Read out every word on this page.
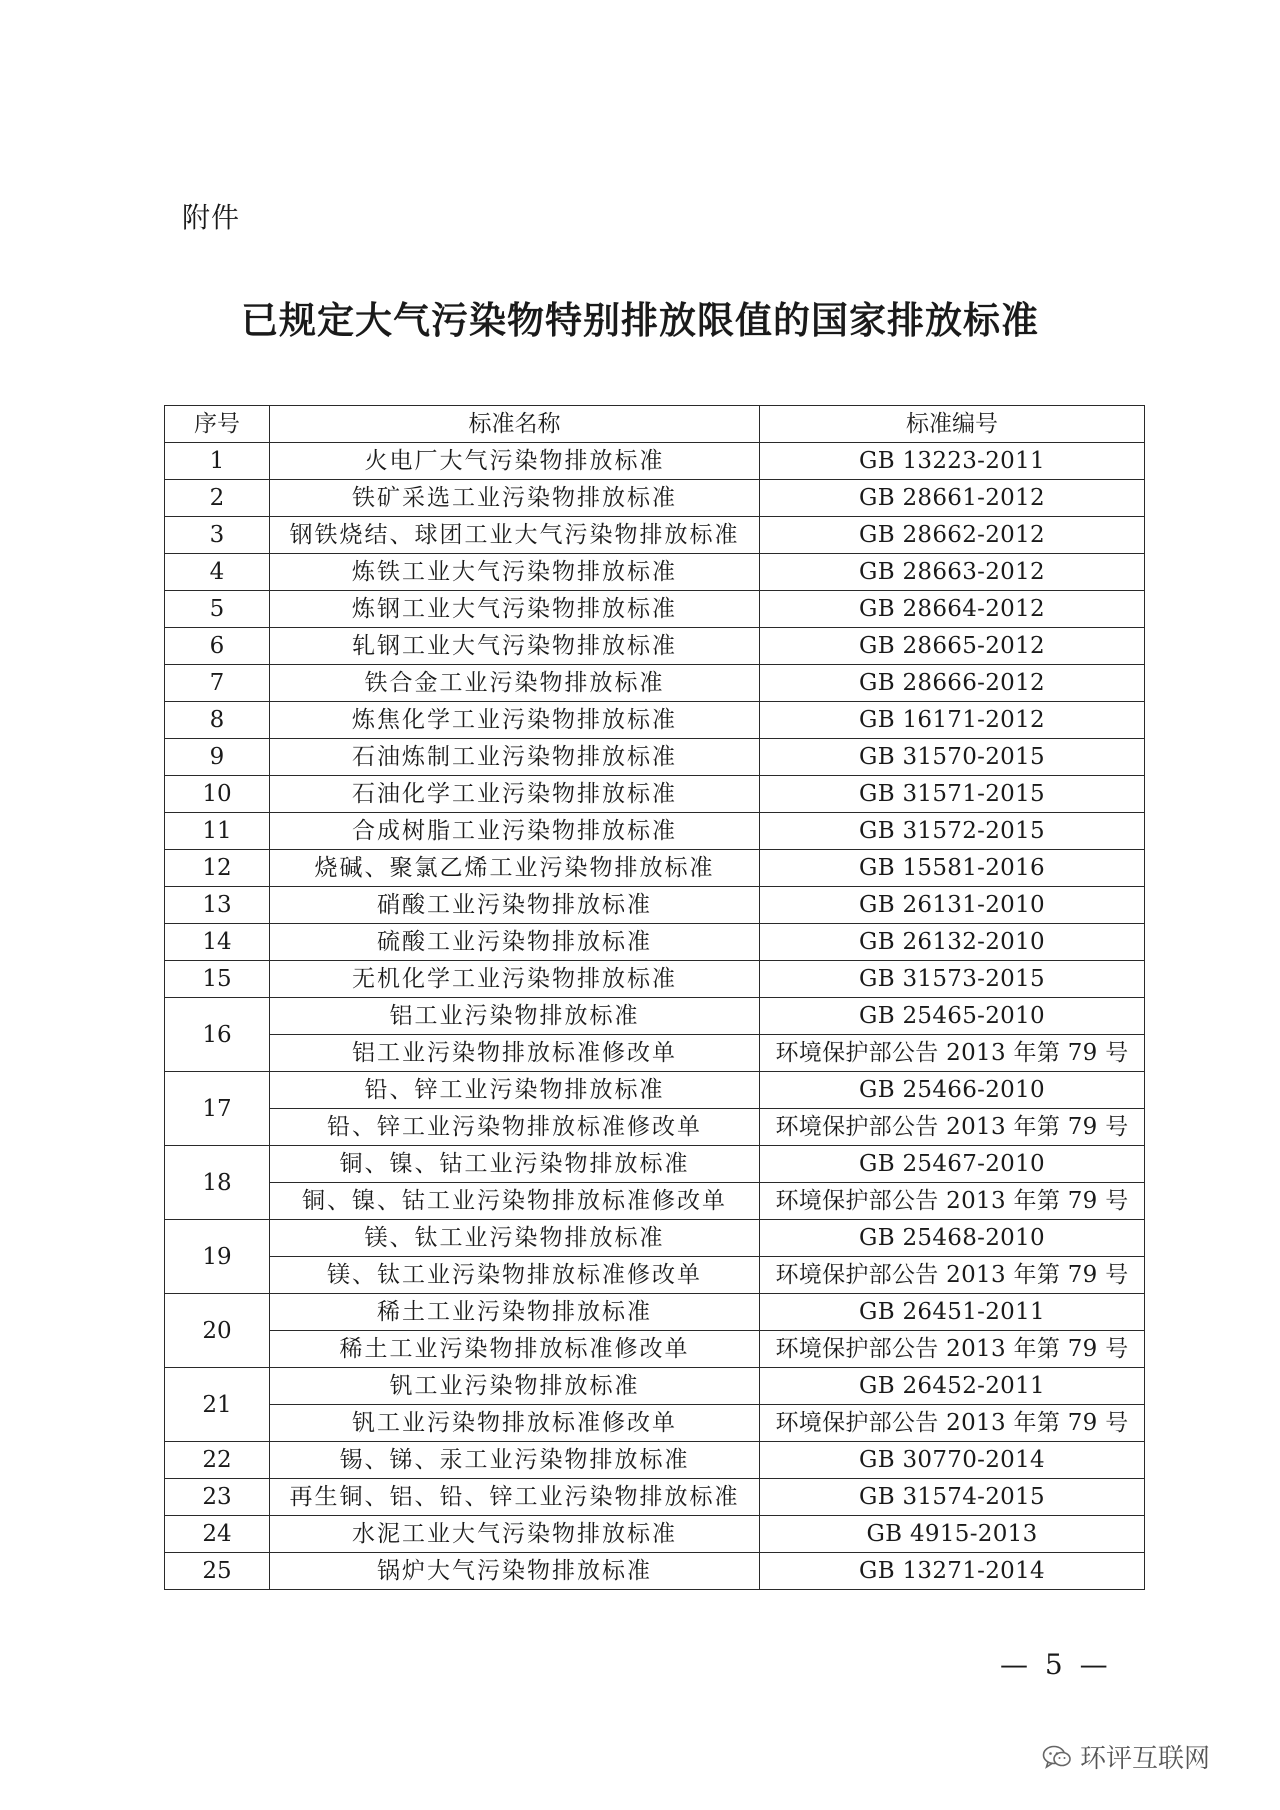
附件
已规定大气污染物特别排放限值的国家排放标准
序号	标准名称	标准编号
1	火电厂大气污染物排放标准	GB 13223-2011
2	铁矿采选工业污染物排放标准	GB 28661-2012
3	钢铁烧结、球团工业大气污染物排放标准	GB 28662-2012
4	炼铁工业大气污染物排放标准	GB 28663-2012
5	炼钢工业大气污染物排放标准	GB 28664-2012
6	轧钢工业大气污染物排放标准	GB 28665-2012
7	铁合金工业污染物排放标准	GB 28666-2012
8	炼焦化学工业污染物排放标准	GB 16171-2012
9	石油炼制工业污染物排放标准	GB 31570-2015
10	石油化学工业污染物排放标准	GB 31571-2015
11	合成树脂工业污染物排放标准	GB 31572-2015
12	烧碱、聚氯乙烯工业污染物排放标准	GB 15581-2016
13	硝酸工业污染物排放标准	GB 26131-2010
14	硫酸工业污染物排放标准	GB 26132-2010
15	无机化学工业污染物排放标准	GB 31573-2015
16	铝工业污染物排放标准	GB 25465-2010
	铝工业污染物排放标准修改单	环境保护部公告 2013 年第 79 号
17	铅、锌工业污染物排放标准	GB 25466-2010
	铅、锌工业污染物排放标准修改单	环境保护部公告 2013 年第 79 号
18	铜、镍、钴工业污染物排放标准	GB 25467-2010
	铜、镍、钴工业污染物排放标准修改单	环境保护部公告 2013 年第 79 号
19	镁、钛工业污染物排放标准	GB 25468-2010
	镁、钛工业污染物排放标准修改单	环境保护部公告 2013 年第 79 号
20	稀土工业污染物排放标准	GB 26451-2011
	稀土工业污染物排放标准修改单	环境保护部公告 2013 年第 79 号
21	钒工业污染物排放标准	GB 26452-2011
	钒工业污染物排放标准修改单	环境保护部公告 2013 年第 79 号
22	锡、锑、汞工业污染物排放标准	GB 30770-2014
23	再生铜、铝、铅、锌工业污染物排放标准	GB 31574-2015
24	水泥工业大气污染物排放标准	GB 4915-2013
25	锅炉大气污染物排放标准	GB 13271-2014
— 5 —
环评互联网
